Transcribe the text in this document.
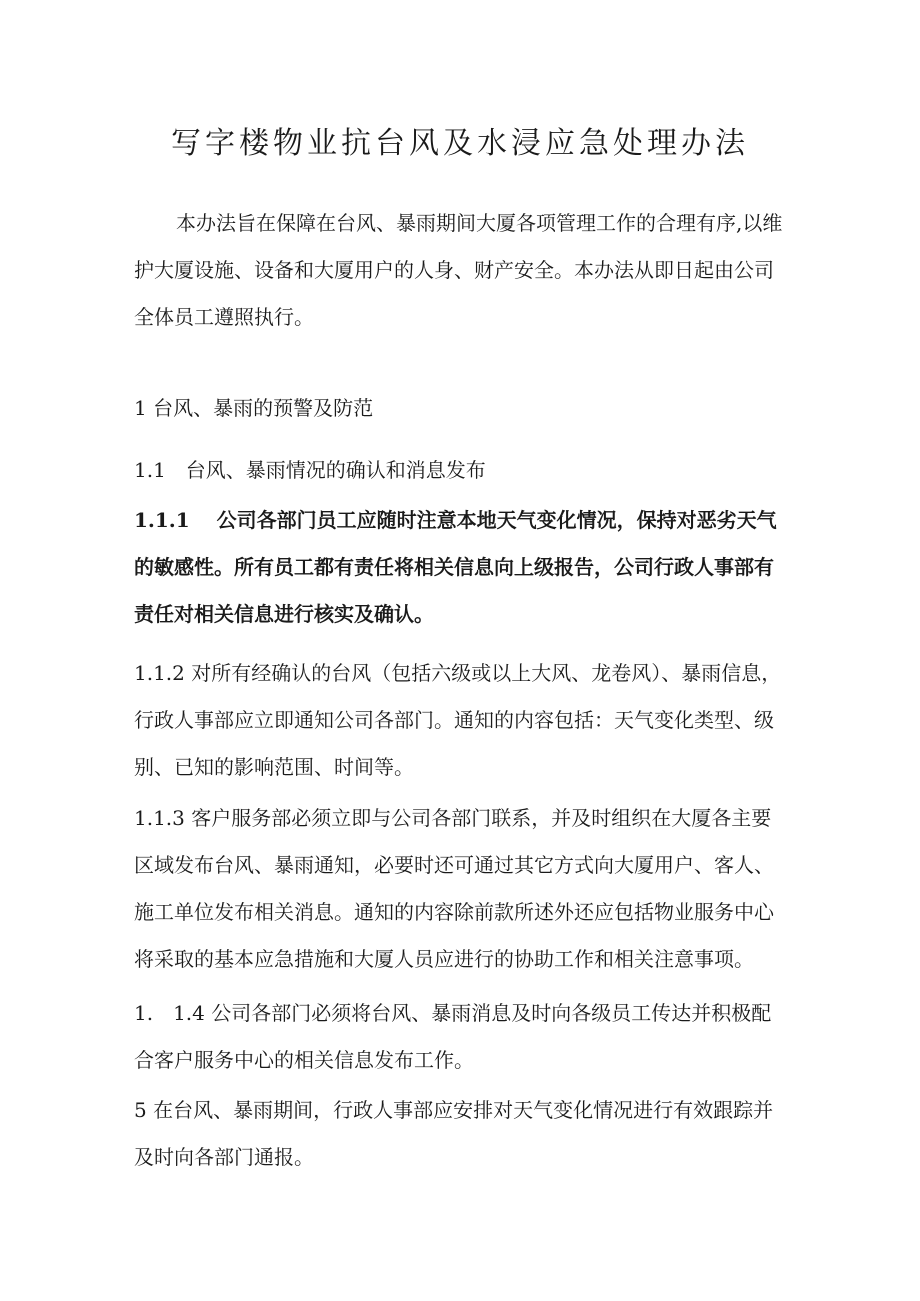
写字楼物业抗台风及水浸应急处理办法

本办法旨在保障在台风、暴雨期间大厦各项管理工作的合理有序,以维护大厦设施、设备和大厦用户的人身、财产安全。本办法从即日起由公司全体员工遵照执行。

1 台风、暴雨的预警及防范

1.1　台风、暴雨情况的确认和消息发布

1.1.1　 公司各部门员工应随时注意本地天气变化情况，保持对恶劣天气的敏感性。所有员工都有责任将相关信息向上级报告，公司行政人事部有责任对相关信息进行核实及确认。

1.1.2 对所有经确认的台风（包括六级或以上大风、龙卷风）、暴雨信息，行政人事部应立即通知公司各部门。通知的内容包括：天气变化类型、级别、已知的影响范围、时间等。

1.1.3 客户服务部必须立即与公司各部门联系，并及时组织在大厦各主要区域发布台风、暴雨通知，必要时还可通过其它方式向大厦用户、客人、施工单位发布相关消息。通知的内容除前款所述外还应包括物业服务中心将采取的基本应急措施和大厦人员应进行的协助工作和相关注意事项。

1.　1.4 公司各部门必须将台风、暴雨消息及时向各级员工传达并积极配合客户服务中心的相关信息发布工作。

5 在台风、暴雨期间，行政人事部应安排对天气变化情况进行有效跟踪并及时向各部门通报。
